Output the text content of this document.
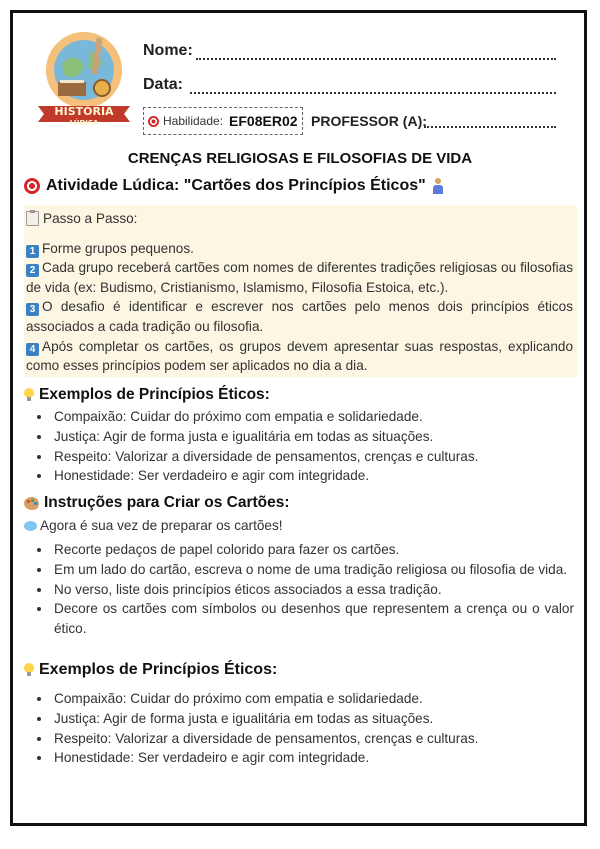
HISTÓRIA
LÚDICA
Nome:
Data:
Habilidade: EF08ER02 PROFESSOR (A):
CRENÇAS RELIGIOSAS E FILOSOFIAS DE VIDA
Atividade Lúdica: "Cartões dos Princípios Éticos"
Passo a Passo:
1 Forme grupos pequenos.
2 Cada grupo receberá cartões com nomes de diferentes tradições religiosas ou filosofias de vida (ex: Budismo, Cristianismo, Islamismo, Filosofia Estoica, etc.).
3 O desafio é identificar e escrever nos cartões pelo menos dois princípios éticos associados a cada tradição ou filosofia.
4 Após completar os cartões, os grupos devem apresentar suas respostas, explicando como esses princípios podem ser aplicados no dia a dia.
Exemplos de Princípios Éticos:
• Compaixão: Cuidar do próximo com empatia e solidariedade.
• Justiça: Agir de forma justa e igualitária em todas as situações.
• Respeito: Valorizar a diversidade de pensamentos, crenças e culturas.
• Honestidade: Ser verdadeiro e agir com integridade.
Instruções para Criar os Cartões:
Agora é sua vez de preparar os cartões!
• Recorte pedaços de papel colorido para fazer os cartões.
• Em um lado do cartão, escreva o nome de uma tradição religiosa ou filosofia de vida.
• No verso, liste dois princípios éticos associados a essa tradição.
• Decore os cartões com símbolos ou desenhos que representem a crença ou o valor ético.
Exemplos de Princípios Éticos:
• Compaixão: Cuidar do próximo com empatia e solidariedade.
• Justiça: Agir de forma justa e igualitária em todas as situações.
• Respeito: Valorizar a diversidade de pensamentos, crenças e culturas.
• Honestidade: Ser verdadeiro e agir com integridade.
